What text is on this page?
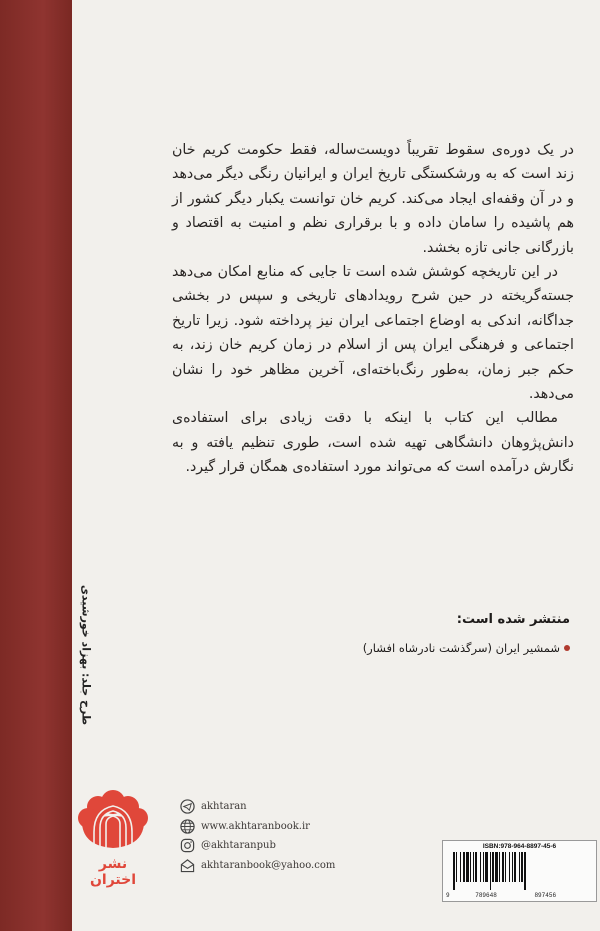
در یک دوره‌ی سقوط تقریباً دویست‌ساله، فقط حکومت کریم خان زند است که به ورشکستگی تاریخ ایران و ایرانیان رنگی دیگر می‌دهد و در آن وقفه‌ای ایجاد می‌کند. کریم خان توانست یکبار دیگر کشور از هم پاشیده را سامان داده و با برقراری نظم و امنیت به اقتصاد و بازرگانی جانی تازه بخشد.

در این تاریخچه کوشش شده است تا جایی که منابع امکان می‌دهد جسته‌گریخته در حین شرح رویدادهای تاریخی و سپس در بخشی جداگانه، اندکی به اوضاع اجتماعی ایران نیز پرداخته شود. زیرا تاریخ اجتماعی و فرهنگی ایران پس از اسلام در زمان کریم خان زند، به حکم جبر زمان، به‌طور رنگ‌باخته‌ای، آخرین مظاهر خود را نشان می‌دهد.

مطالب این کتاب با اینکه با دقت زیادی برای استفاده‌ی دانش‌پژوهان دانشگاهی تهیه شده است، طوری تنظیم یافته و به نگارش درآمده است که می‌تواند مورد استفاده‌ی همگان قرار گیرد.

منتشر شده است:
شمشیر ایران (سرگذشت نادرشاه افشار)
طرح جلد: بهزاد خورشیدی
نشر اختران
akhtaran
www.akhtaranbook.ir
@akhtaranpub
akhtaranbook@yahoo.com
ISBN:978-964-8897-45-6
9	789648	897456
